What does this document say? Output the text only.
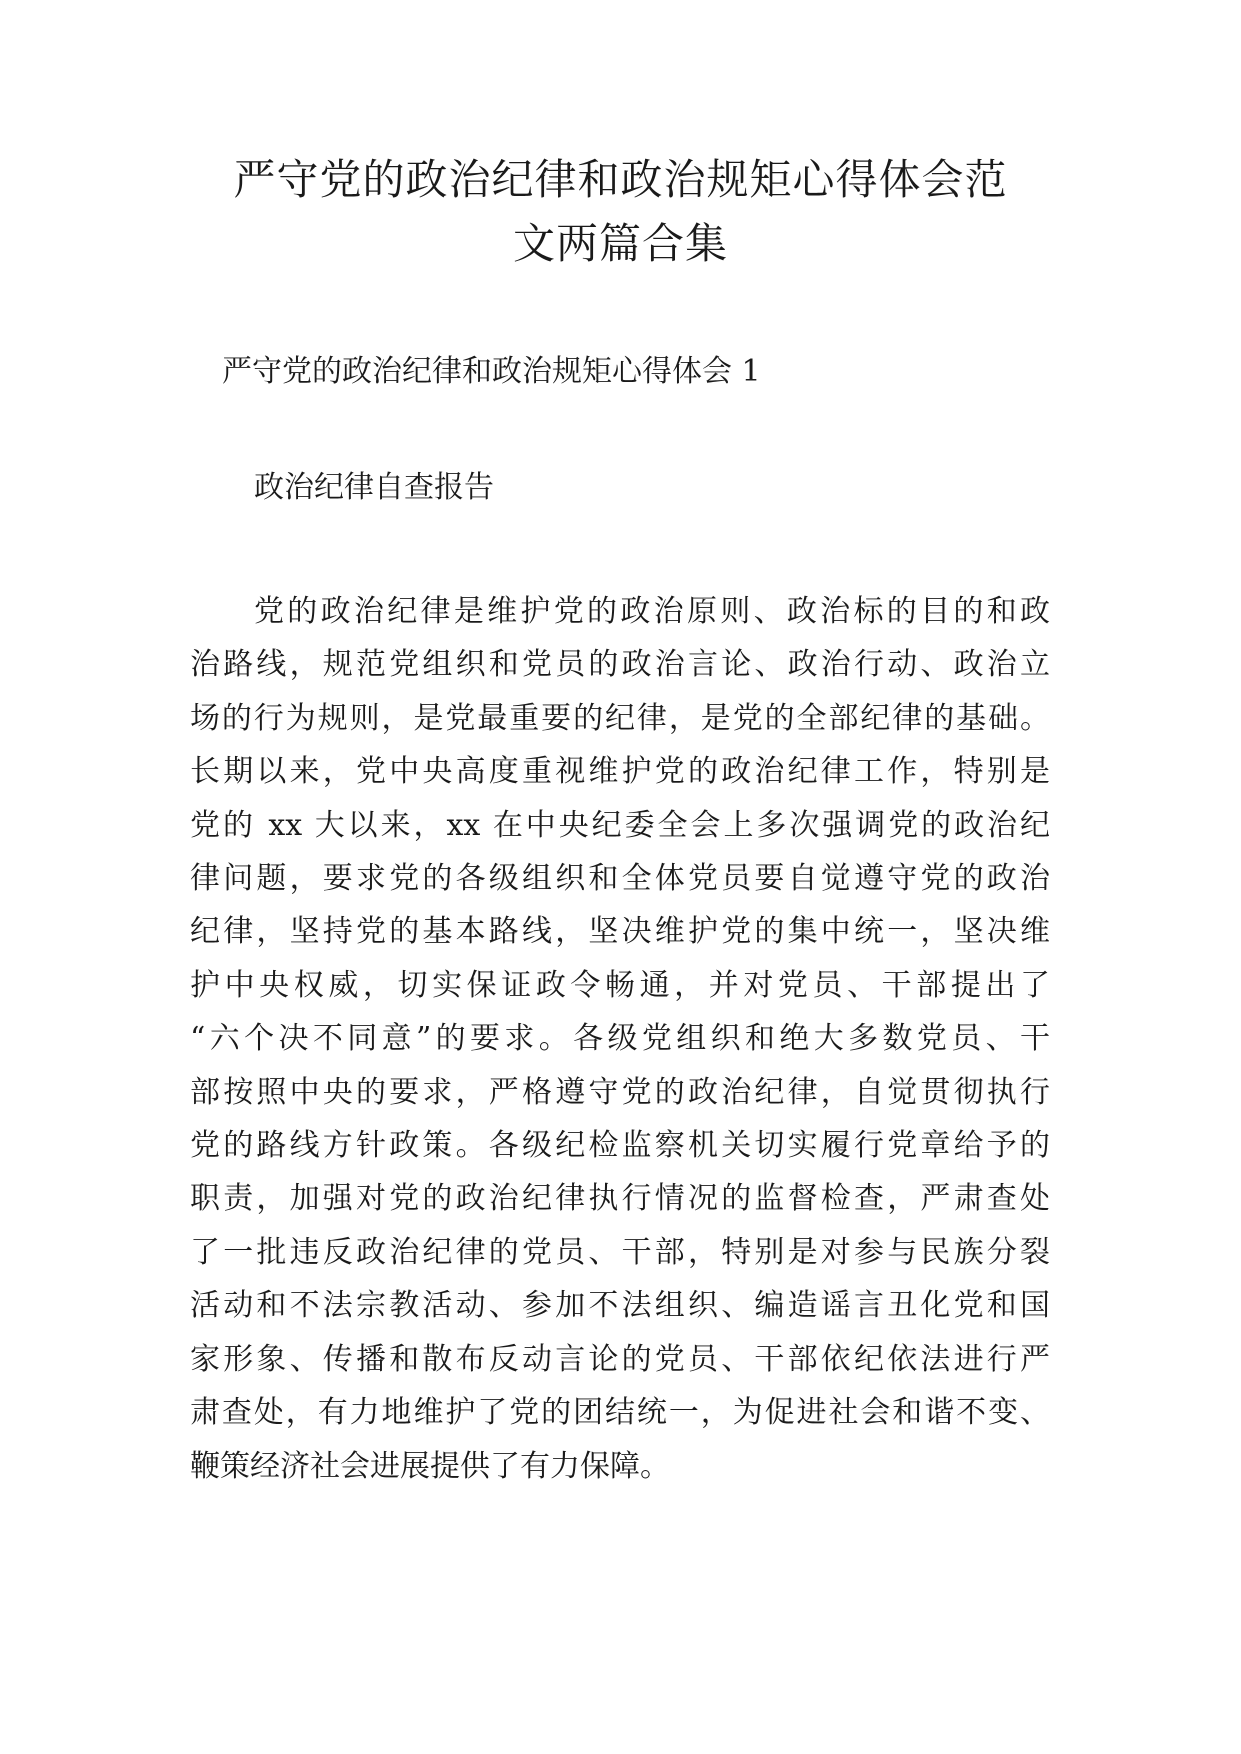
严守党的政治纪律和政治规矩心得体会范
文两篇合集

严守党的政治纪律和政治规矩心得体会 1

政治纪律自查报告

党的政治纪律是维护党的政治原则、政治标的目的和政
治路线，规范党组织和党员的政治言论、政治行动、政治立
场的行为规则，是党最重要的纪律，是党的全部纪律的基础。
长期以来，党中央高度重视维护党的政治纪律工作，特别是
党的 xx 大以来，xx 在中央纪委全会上多次强调党的政治纪
律问题，要求党的各级组织和全体党员要自觉遵守党的政治
纪律，坚持党的基本路线，坚决维护党的集中统一，坚决维
护中央权威，切实保证政令畅通，并对党员、干部提出了
“六个决不同意”的要求。各级党组织和绝大多数党员、干
部按照中央的要求，严格遵守党的政治纪律，自觉贯彻执行
党的路线方针政策。各级纪检监察机关切实履行党章给予的
职责，加强对党的政治纪律执行情况的监督检查，严肃查处
了一批违反政治纪律的党员、干部，特别是对参与民族分裂
活动和不法宗教活动、参加不法组织、编造谣言丑化党和国
家形象、传播和散布反动言论的党员、干部依纪依法进行严
肃查处，有力地维护了党的团结统一，为促进社会和谐不变、
鞭策经济社会进展提供了有力保障。
